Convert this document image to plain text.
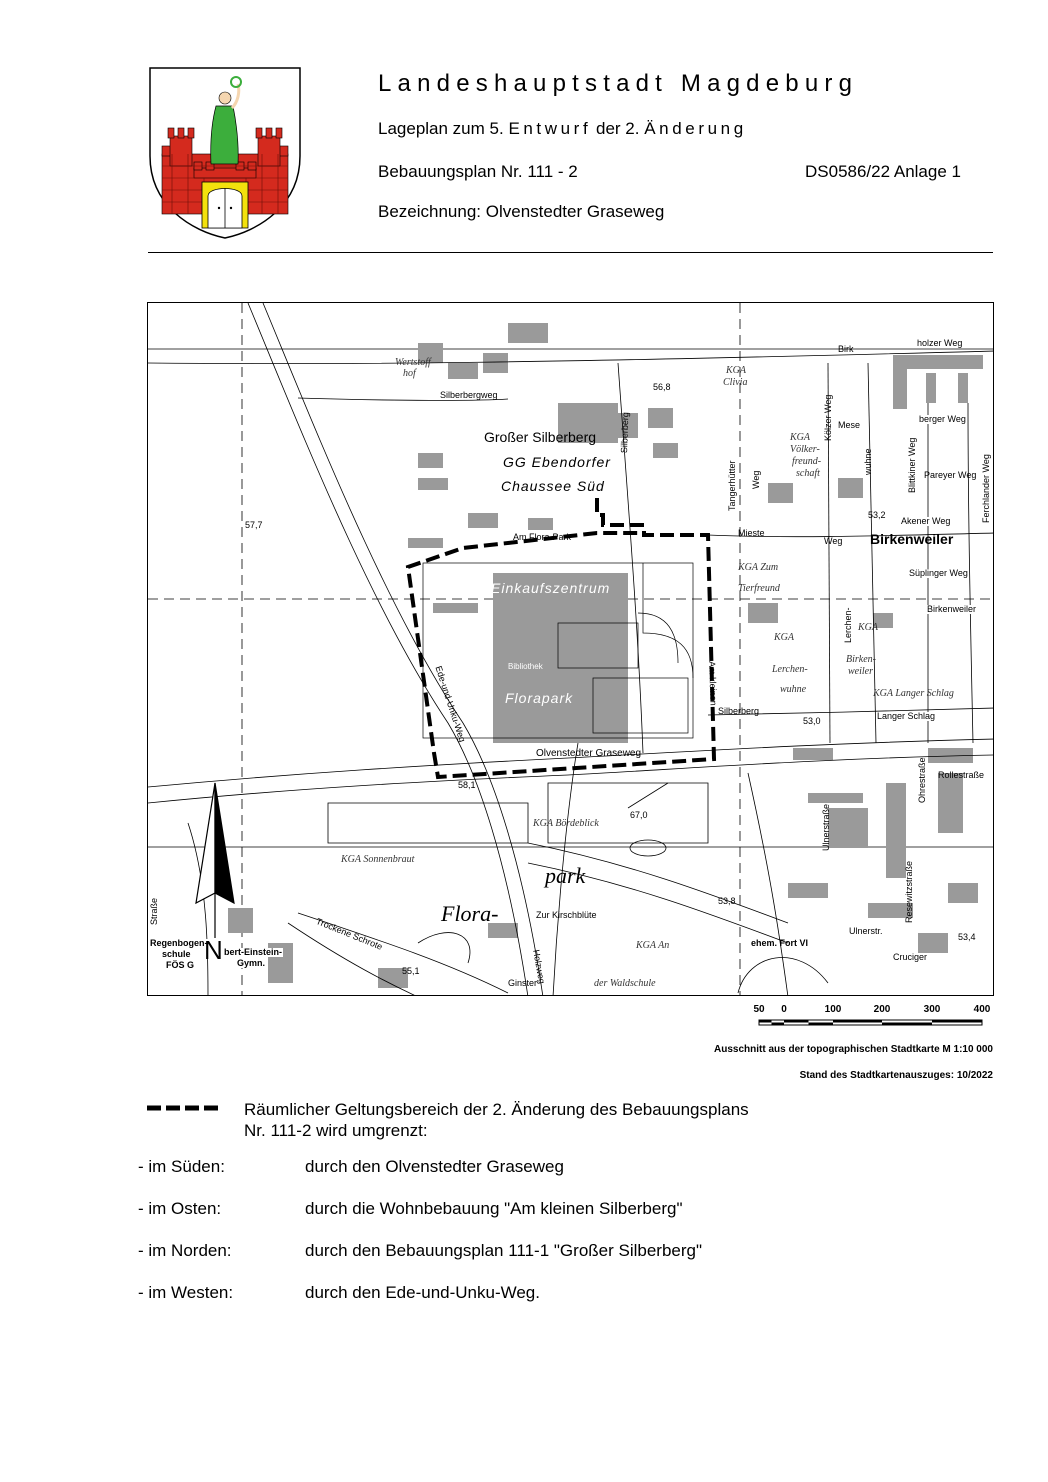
Landeshauptstadt Magdeburg
Lageplan zum 5. Entwurf der 2. Änderung
Bebauungsplan Nr. 111 - 2	DS0586/22 Anlage 1
Bezeichnung: Olvenstedter Graseweg
Wertstoff-
hof
Silberbergweg
56,8
Großer Silberberg
GG Ebendorfer
Chaussee Süd
Silberberg
Am Flora-Park
Einkaufszentrum
Bibliothek
Florapark
Ede-und-Unku-Weg	Am kleinen
Olvenstedter Graseweg
Silberberg
53,0
57,7
KGA
Clivia
Birk
holzer Weg
Mese
berger Weg
KGA
Völker-
freund-
schaft
Tangerhütter Weg
Kölzer Weg
wuhne	Pareyer Weg
Blittkiner Weg	Ferchlander Weg
53,2
Akener Weg
Mieste
Weg Birkenweiler
KGA Zum
Tierfreund
Süplinger Weg
KGA
Lerchen-
wuhne
Lerchen- KGA
Birken-
weiler
KGA Langer Schlag
Langer Schlag
Birkenweiler
Rollestraße
Ohrestraße
Ulnerstraße
Resewitzstraße
Ulnerstr.
Cruciger
53,4
ehem. Fort VI
58,1
67,0
KGA Bördeblick
KGA Sonnenbraut
park
Flora-	53,8
Zur Kirschblüte
Trockene Schrote	KGA An
der Waldschule
Holzweg
Ginster
55,1
Straße
Regenbogen-
schule
FÖS G
bert-Einstein-
Gymn.
N
50 0	100	200	300	400
Ausschnitt aus der topographischen Stadtkarte M 1:10 000
Stand des Stadtkartenauszuges: 10/2022
Räumlicher Geltungsbereich der 2. Änderung des Bebauungsplans
Nr. 111-2 wird umgrenzt:
- im Süden:	durch den Olvenstedter Graseweg
- im Osten:	durch die Wohnbebauung "Am kleinen Silberberg"
- im Norden:	durch den Bebauungsplan 111-1 "Großer Silberberg"
- im Westen:	durch den Ede-und-Unku-Weg.
